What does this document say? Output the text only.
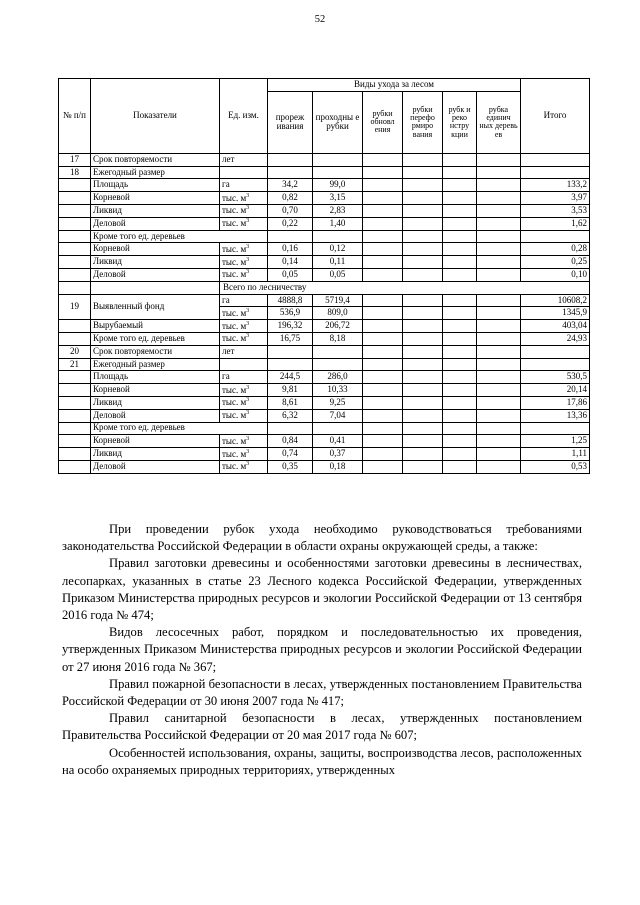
52
№ п/п	Показатели	Ед. изм.	Виды ухода за лесом						Итого
			прореж ивания	проходны е рубки	рубки обновл ения	рубки перефо рмиро вания	рубк и реко нстру кции	рубка единич ных деревь ев	
17	Срок повторяемости	лет							
18	Ежегодный размер								
	Площадь	га	34,2	99,0					133,2
	Корневой	тыс. $м^3$	0,82	3,15					3,97
	Ликвид	тыс. $м^3$	0,70	2,83					3,53
	Деловой	тыс. $м^3$	0,22	1,40					1,62
	Кроме того ед. деревьев								
	Корневой	тыс. $м^3$	0,16	0,12					0,28
	Ликвид	тыс. $м^3$	0,14	0,11					0,25
	Деловой	тыс. $м^3$	0,05	0,05					0,10
		Всего по лесничеству							
19	Выявленный фонд	га	4888,8	5719,4					10608,2
		тыс. $м^3$	536,9	809,0					1345,9
	Вырубаемый	тыс. $м^3$	196,32	206,72					403,04
	Кроме того ед. деревьев	тыс. $м^3$	16,75	8,18					24,93
20	Срок повторяемости	лет							
21	Ежегодный размер								
	Площадь	га	244,5	286,0					530,5
	Корневой	тыс. $м^3$	9,81	10,33					20,14
	Ликвид	тыс. $м^3$	8,61	9,25					17,86
	Деловой	тыс. $м^3$	6,32	7,04					13,36
	Кроме того ед. деревьев								
	Корневой	тыс. $м^3$	0,84	0,41					1,25
	Ликвид	тыс. $м^3$	0,74	0,37					1,11
	Деловой	тыс. $м^3$	0,35	0,18					0,53

При проведении рубок ухода необходимо руководствоваться требованиями законодательства Российской Федерации в области охраны окружающей среды, а также:

Правил заготовки древесины и особенностями заготовки древесины в лесничествах, лесопарках, указанных в статье 23 Лесного кодекса Российской Федерации, утвержденных Приказом Министерства природных ресурсов и экологии Российской Федерации от 13 сентября 2016 года № 474;

Видов лесосечных работ, порядком и последовательностью их проведения, утвержденных Приказом Министерства природных ресурсов и экологии Российской Федерации от 27 июня 2016 года № 367;

Правил пожарной безопасности в лесах, утвержденных постановлением Правительства Российской Федерации от 30 июня 2007 года № 417;

Правил санитарной безопасности в лесах, утвержденных постановлением Правительства Российской Федерации от 20 мая 2017 года № 607;

Особенностей использования, охраны, защиты, воспроизводства лесов, расположенных на особо охраняемых природных территориях, утвержденных
